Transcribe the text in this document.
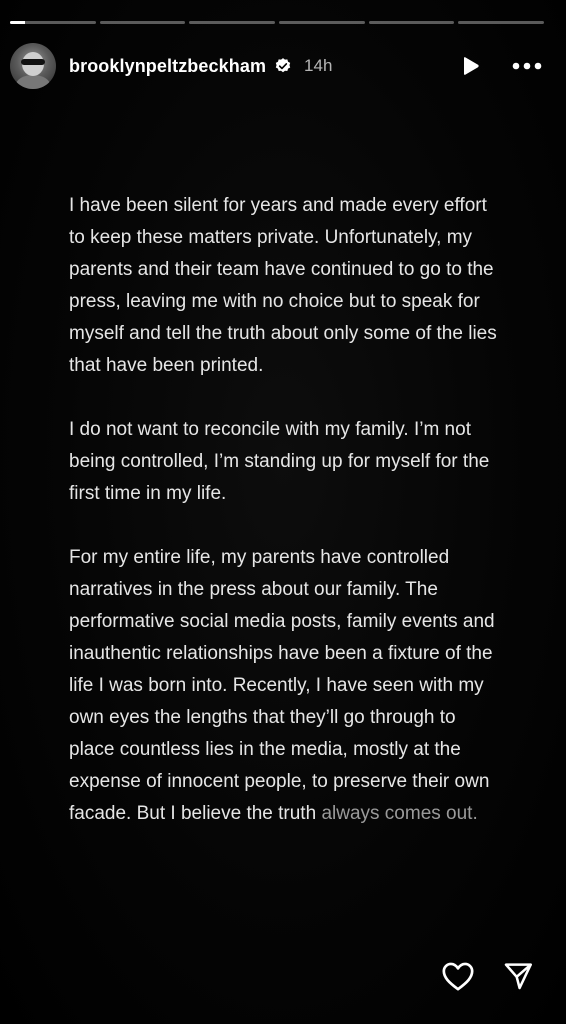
brooklynpeltzbeckham 14h

I have been silent for years and made every effort to keep these matters private. Unfortunately, my parents and their team have continued to go to the press, leaving me with no choice but to speak for myself and tell the truth about only some of the lies that have been printed.

I do not want to reconcile with my family. I’m not being controlled, I’m standing up for myself for the first time in my life.

For my entire life, my parents have controlled narratives in the press about our family. The performative social media posts, family events and inauthentic relationships have been a fixture of the life I was born into. Recently, I have seen with my own eyes the lengths that they’ll go through to place countless lies in the media, mostly at the expense of innocent people, to preserve their own facade. But I believe the truth always comes out.
